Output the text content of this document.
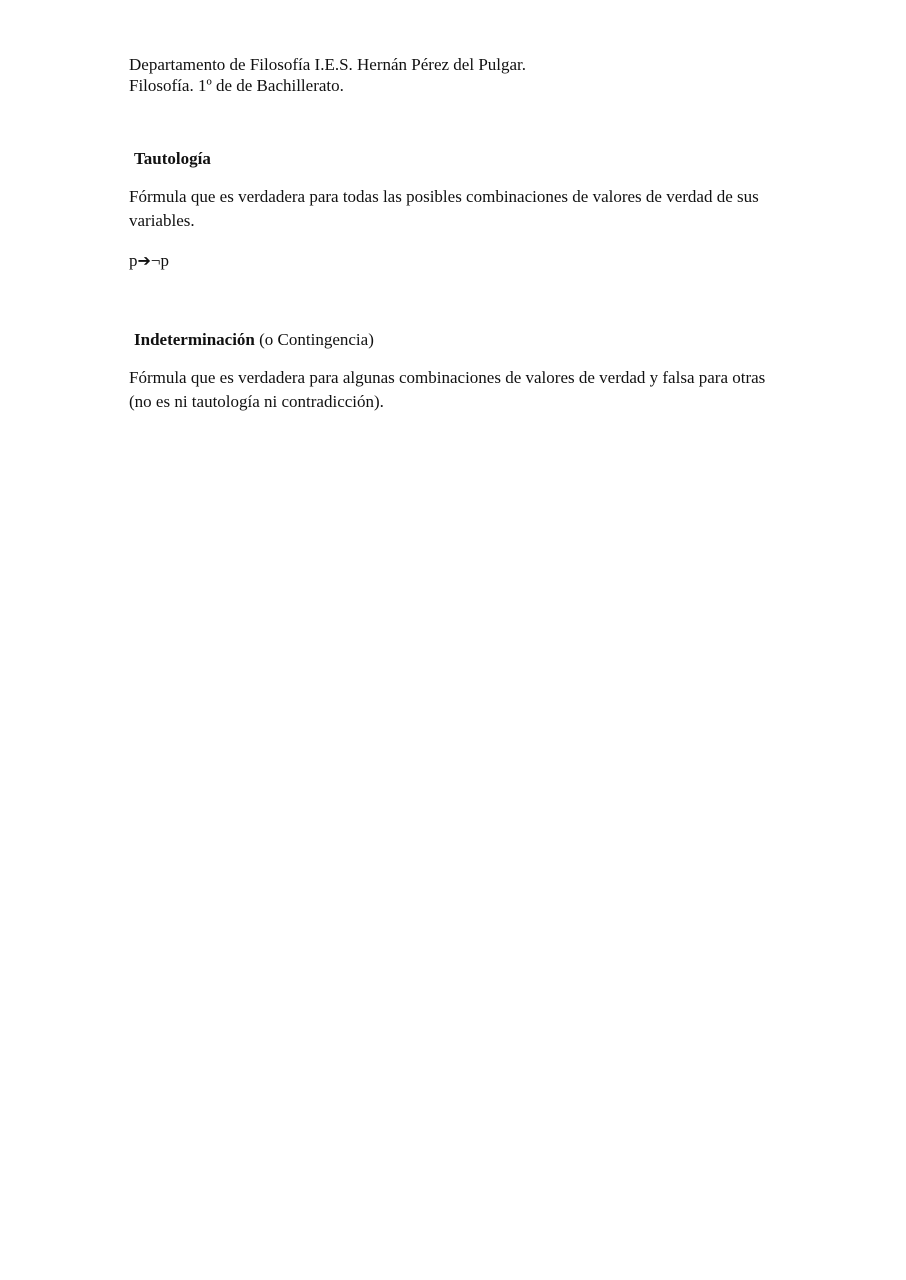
Departamento de Filosofía I.E.S. Hernán Pérez del Pulgar.
Filosofía. 1º de de Bachillerato.
Tautología
Fórmula que es verdadera para todas las posibles combinaciones de valores de verdad de sus variables.
p➔¬p
Indeterminación (o Contingencia)
Fórmula que es verdadera para algunas combinaciones de valores de verdad y falsa para otras (no es ni tautología ni contradicción).
